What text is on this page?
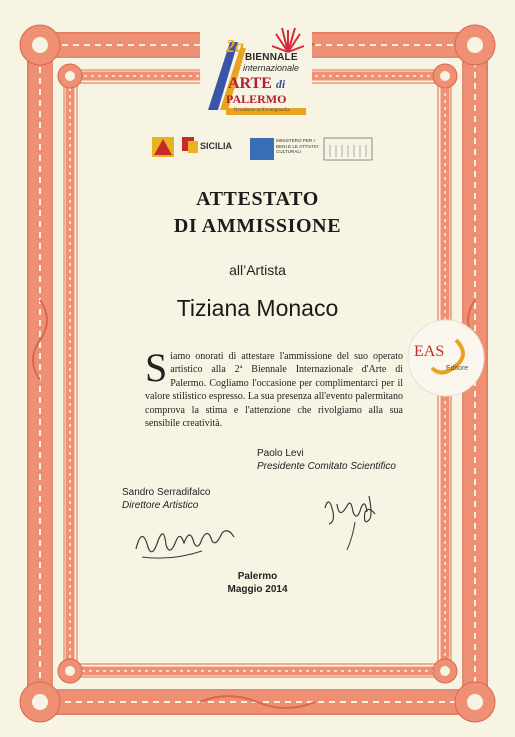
2a
BIENNALE
internazionale
ARTE di
PALERMO
Il realismo nell'avanguardia
SICILIA
MINISTERO PER I BENI E LE ATTIVITA' CULTURALI
ATTESTATO
DI AMMISSIONE
all’Artista
Tiziana Monaco
Siamo onorati di attestare l'ammissione del suo operato artistico alla 2ª Biennale Internazionale d'Arte di Palermo. Cogliamo l'occasione per complimentarci per il valore stilistico espresso. La sua presenza all'evento palermitano comprova la stima e l'attenzione che rivolgiamo alla sua sensibile creatività.
EAS
Editore
Paolo Levi
Presidente Comitato Scientifico
Sandro Serradifalco
Direttore Artistico
Palermo
Maggio 2014
